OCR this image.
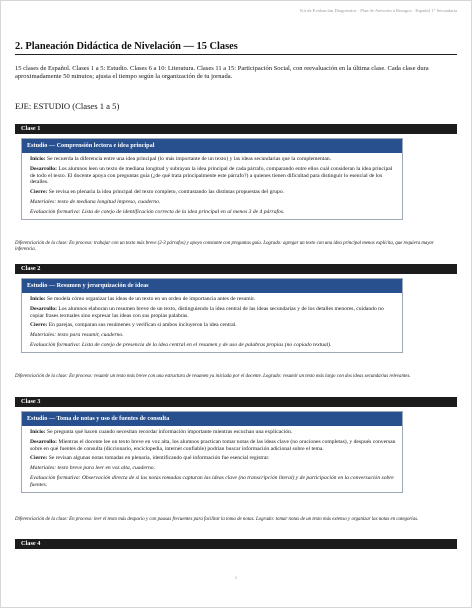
Kit de Evaluación Diagnóstica · Plan de Atención a Rezagos · Español 1° Secundaria
2. Planeación Didáctica de Nivelación — 15 Clases

15 clases de Español. Clases 1 a 5: Estudio. Clases 6 a 10: Literatura. Clases 11 a 15: Participación Social, con reevaluación en la última clase. Cada clase dura aproximadamente 50 minutos; ajusta el tiempo según la organización de tu jornada.

EJE: ESTUDIO (Clases 1 a 5)
Clase 1
Estudio — Comprensión lectora e idea principal

Inicio: Se recuerda la diferencia entre una idea principal (lo más importante de un texto) y las ideas secundarias que la complementan.

Desarrollo: Los alumnos leen un texto de mediana longitud y subrayan la idea principal de cada párrafo, comparando entre ellos cuál consideran la idea principal de todo el texto. El docente apoya con preguntas guía (¿de qué trata principalmente este párrafo?) a quienes tienen dificultad para distinguir lo esencial de los detalles.

Cierre: Se revisa en plenaria la idea principal del texto completo, contrastando las distintas propuestas del grupo.

Materiales: texto de mediana longitud impreso, cuaderno.

Evaluación formativa: Lista de cotejo de identificación correcta de la idea principal en al menos 3 de 4 párrafos.

Diferenciación de la clase: En proceso: trabajar con un texto más breve (2-3 párrafos) y apoyo constante con preguntas guía. Logrado: agregar un texto con una idea principal menos explícita, que requiera mayor inferencia.

Clase 2
Estudio — Resumen y jerarquización de ideas

Inicio: Se modela cómo organizar las ideas de un texto en un orden de importancia antes de resumir.

Desarrollo: Los alumnos elaboran un resumen breve de un texto, distinguiendo la idea central de las ideas secundarias y de los detalles menores, cuidando no copiar frases textuales sino expresar las ideas con sus propias palabras.

Cierre: En parejas, comparan sus resúmenes y verifican si ambos incluyeron la idea central.

Materiales: texto para resumir, cuaderno.

Evaluación formativa: Lista de cotejo de presencia de la idea central en el resumen y de uso de palabras propias (no copiado textual).

Diferenciación de la clase: En proceso: resumir un texto más breve con una estructura de resumen ya iniciada por el docente. Logrado: resumir un texto más largo con dos ideas secundarias relevantes.

Clase 3
Estudio — Toma de notas y uso de fuentes de consulta

Inicio: Se pregunta qué hacen cuando necesitan recordar información importante mientras escuchan una explicación.

Desarrollo: Mientras el docente lee un texto breve en voz alta, los alumnos practican tomar notas de las ideas clave (no oraciones completas), y después conversan sobre en qué fuentes de consulta (diccionario, enciclopedia, internet confiable) podrían buscar información adicional sobre el tema.

Cierre: Se revisan algunas notas tomadas en plenaria, identificando qué información fue esencial registrar.

Materiales: texto breve para leer en voz alta, cuaderno.

Evaluación formativa: Observación directa de si las notas tomadas capturan las ideas clave (no transcripción literal) y de participación en la conversación sobre fuentes.

Diferenciación de la clase: En proceso: leer el texto más despacio y con pausas frecuentes para facilitar la toma de notas. Logrado: tomar notas de un texto más extenso y organizar las notas en categorías.

Clase 4
6
